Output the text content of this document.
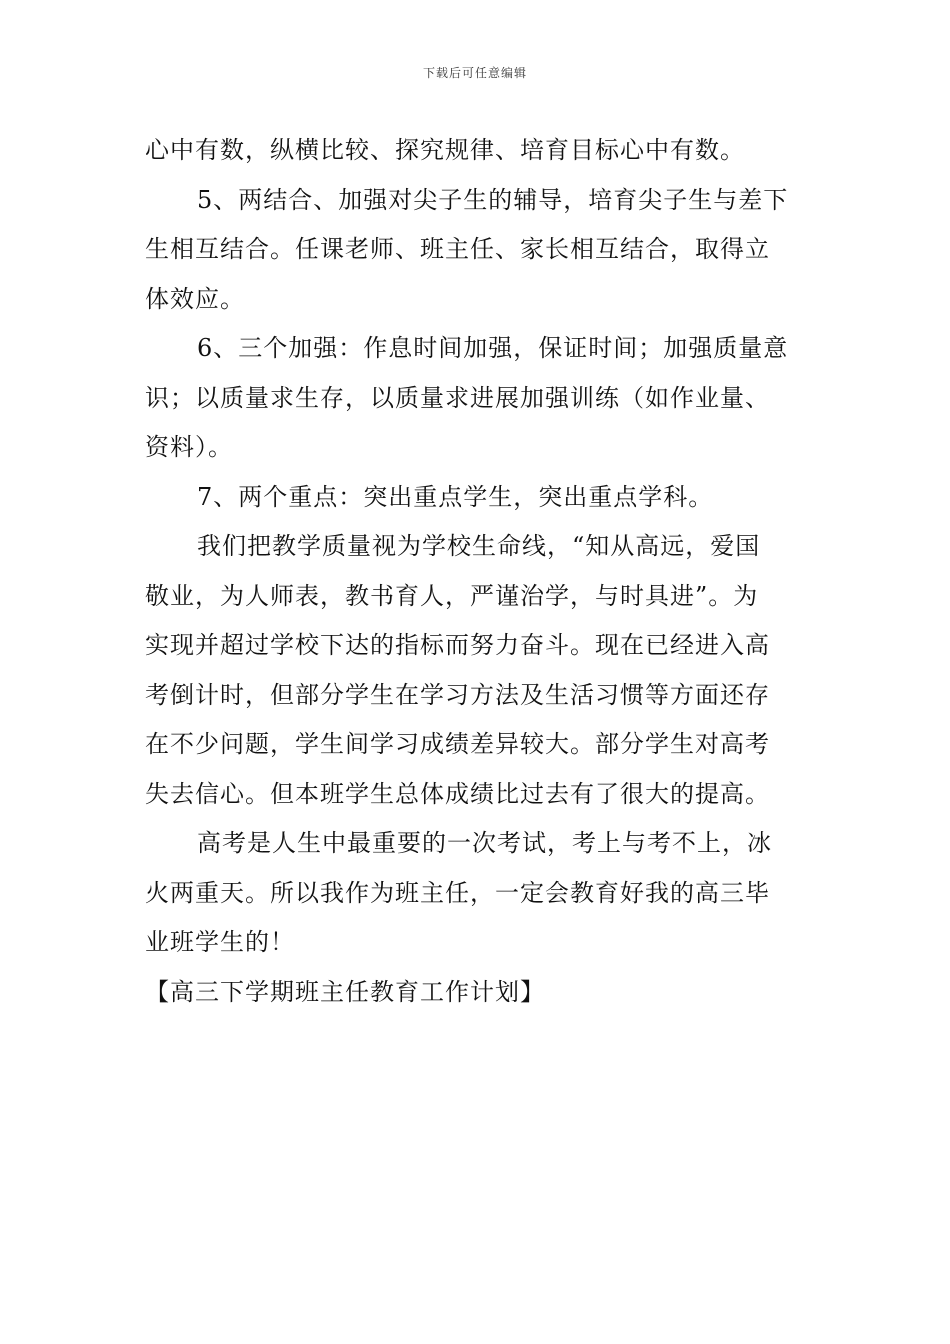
下载后可任意编辑
心中有数，纵横比较、探究规律、培育目标心中有数。
5、两结合、加强对尖子生的辅导，培育尖子生与差下
生相互结合。任课老师、班主任、家长相互结合，取得立
体效应。
6、三个加强：作息时间加强，保证时间；加强质量意
识；以质量求生存，以质量求进展加强训练（如作业量、
资料）。
7、两个重点：突出重点学生，突出重点学科。
我们把教学质量视为学校生命线，“知从高远，爱国
敬业，为人师表，教书育人，严谨治学，与时具进”。为
实现并超过学校下达的指标而努力奋斗。现在已经进入高
考倒计时，但部分学生在学习方法及生活习惯等方面还存
在不少问题，学生间学习成绩差异较大。部分学生对高考
失去信心。但本班学生总体成绩比过去有了很大的提高。
高考是人生中最重要的一次考试，考上与考不上，冰
火两重天。所以我作为班主任，一定会教育好我的高三毕
业班学生的！
【高三下学期班主任教育工作计划】
